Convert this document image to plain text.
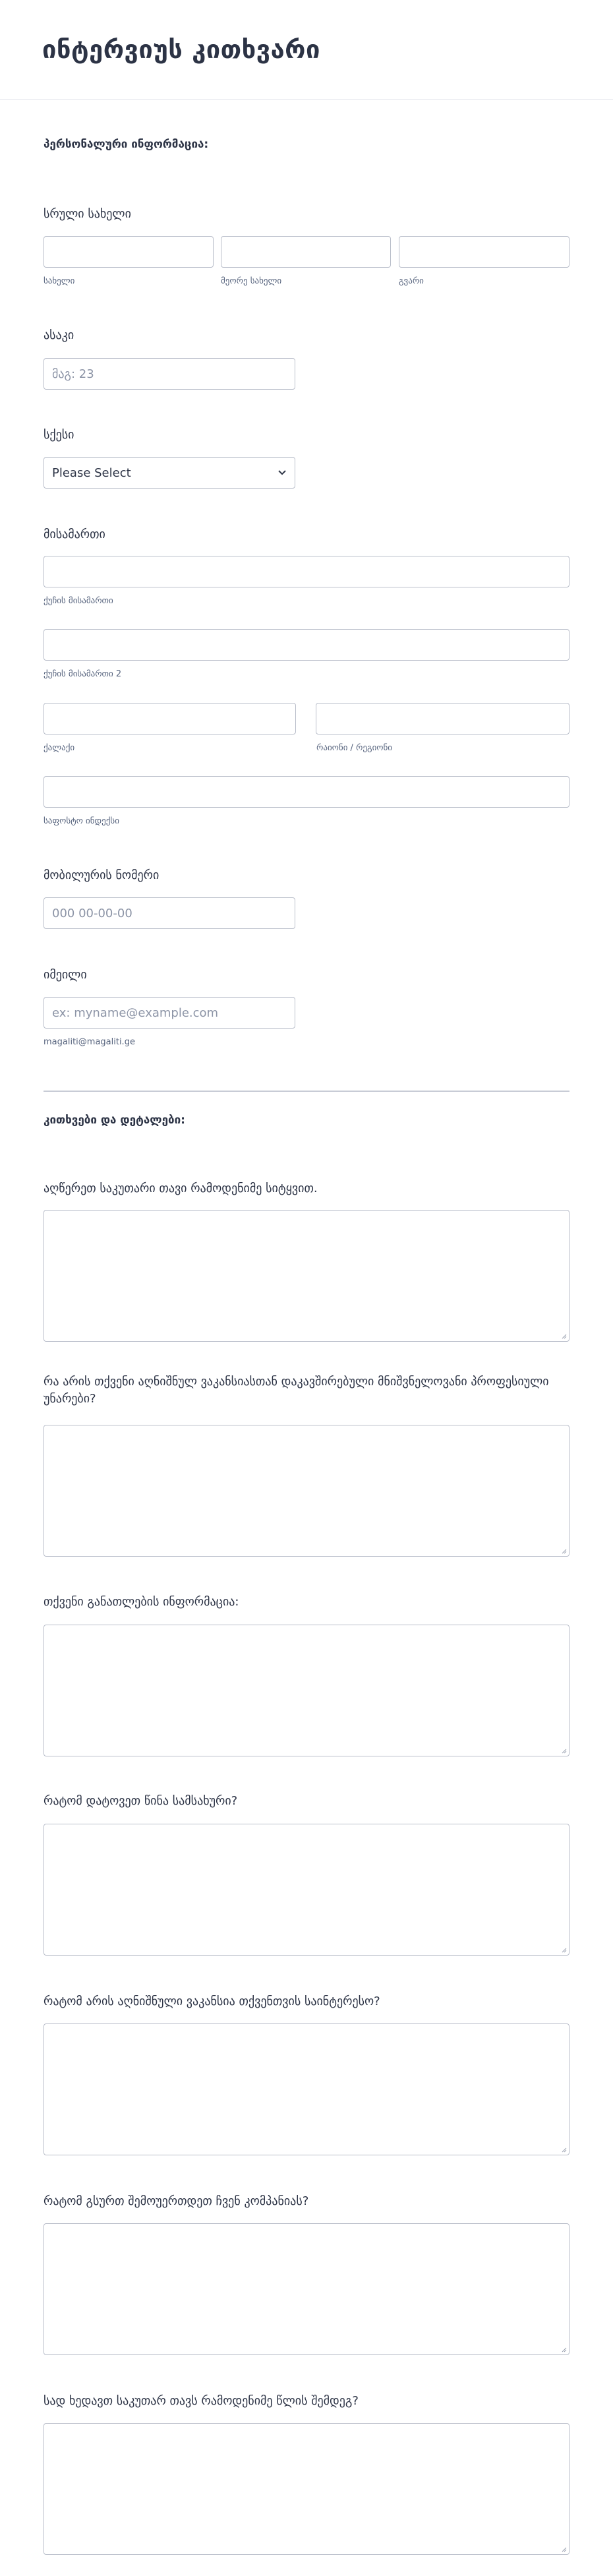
ინტერვიუს კითხვარი
პერსონალური ინფორმაცია:
სრული სახელი
სახელი	მეორე სახელი	გვარი
ასაკი
მაგ: 23
სქესი
Please Select
მისამართი
ქუჩის მისამართი
ქუჩის მისამართი 2
ქალაქი	რაიონი / რეგიონი
საფოსტო ინდექსი
მობილურის ნომერი
000 00-00-00
იმეილი
ex: myname@example.com
magaliti@magaliti.ge
კითხვები და დეტალები:
აღწერეთ საკუთარი თავი რამოდენიმე სიტყვით.
რა არის თქვენი აღნიშნულ ვაკანსიასთან დაკავშირებული მნიშვნელოვანი პროფესიული უნარები?
თქვენი განათლების ინფორმაცია:
რატომ დატოვეთ წინა სამსახური?
რატომ არის აღნიშნული ვაკანსია თქვენთვის საინტერესო?
რატომ გსურთ შემოუერთდეთ ჩვენ კომპანიას?
სად ხედავთ საკუთარ თავს რამოდენიმე წლის შემდეგ?
